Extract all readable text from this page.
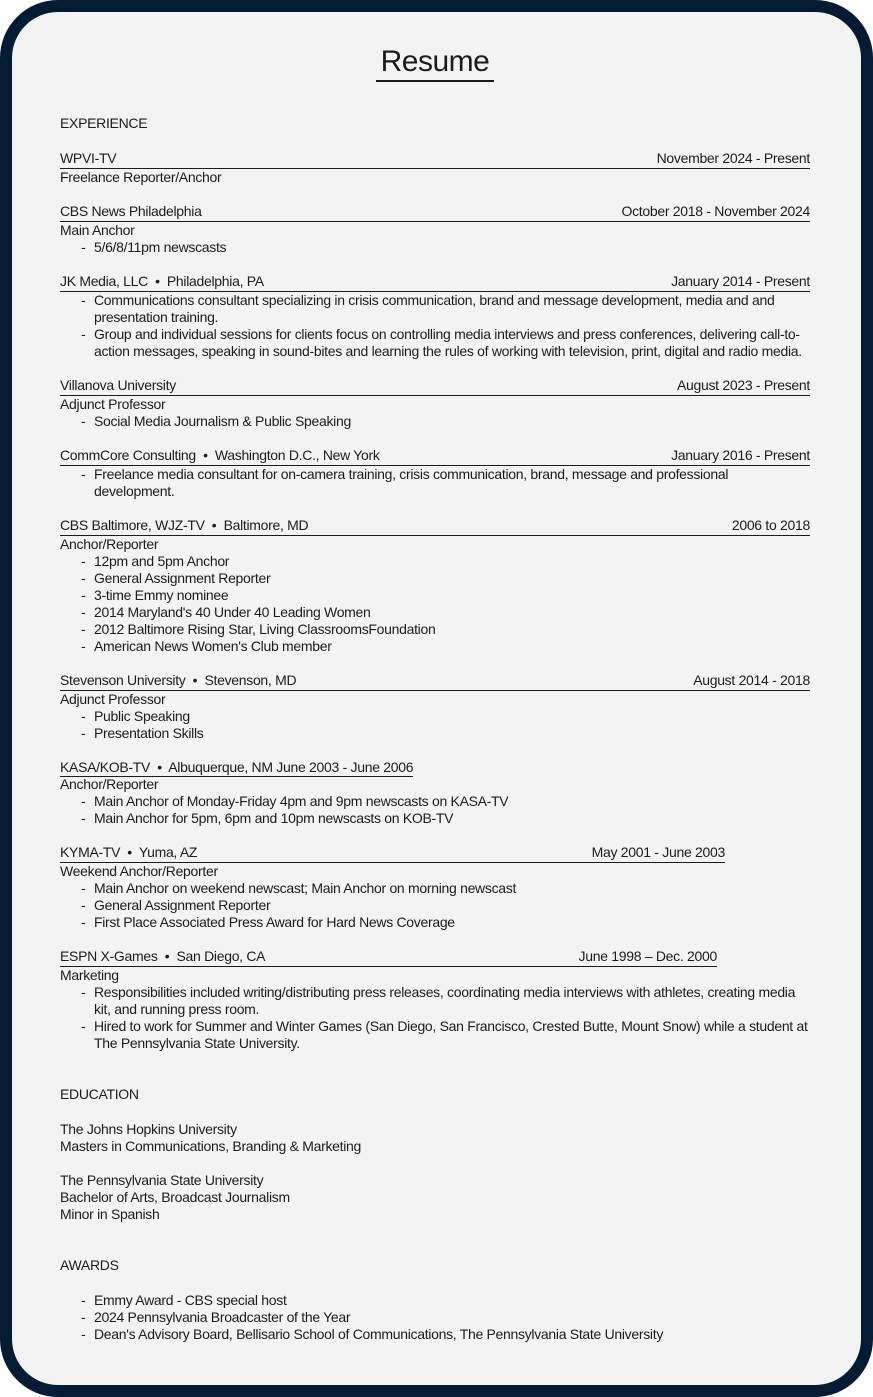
Resume
EXPERIENCE
WPVI-TV	November 2024 - Present
Freelance Reporter/Anchor
CBS News Philadelphia	October 2018 - November 2024
Main Anchor
- 5/6/8/11pm newscasts
JK Media, LLC  •  Philadelphia, PA	January 2014 - Present
- Communications consultant specializing in crisis communication, brand and message development, media and and presentation training.
- Group and individual sessions for clients focus on controlling media interviews and press conferences, delivering call-to-action messages, speaking in sound-bites and learning the rules of working with television, print, digital and radio media.
Villanova University	August 2023 - Present
Adjunct Professor
- Social Media Journalism & Public Speaking
CommCore Consulting  •  Washington D.C., New York	January 2016 - Present
- Freelance media consultant for on-camera training, crisis communication, brand, message and professional development.
CBS Baltimore, WJZ-TV  •  Baltimore, MD	2006 to 2018
Anchor/Reporter
- 12pm and 5pm Anchor
- General Assignment Reporter
- 3-time Emmy nominee
- 2014 Maryland's 40 Under 40 Leading Women
- 2012 Baltimore Rising Star, Living ClassroomsFoundation
- American News Women's Club member
Stevenson University  •  Stevenson, MD	August 2014 - 2018
Adjunct Professor
- Public Speaking
- Presentation Skills
KASA/KOB-TV  •  Albuquerque, NM June 2003 - June 2006
Anchor/Reporter
- Main Anchor of Monday-Friday 4pm and 9pm newscasts on KASA-TV
- Main Anchor for 5pm, 6pm and 10pm newscasts on KOB-TV
KYMA-TV  •  Yuma, AZ	May 2001 - June 2003
Weekend Anchor/Reporter
- Main Anchor on weekend newscast; Main Anchor on morning newscast
- General Assignment Reporter
- First Place Associated Press Award for Hard News Coverage
ESPN X-Games  •  San Diego, CA	June 1998 – Dec. 2000
Marketing
- Responsibilities included writing/distributing press releases, coordinating media interviews with athletes, creating media kit, and running press room.
- Hired to work for Summer and Winter Games (San Diego, San Francisco, Crested Butte, Mount Snow) while a student at The Pennsylvania State University.
EDUCATION
The Johns Hopkins University
Masters in Communications, Branding & Marketing
The Pennsylvania State University
Bachelor of Arts, Broadcast Journalism
Minor in Spanish
AWARDS
- Emmy Award - CBS special host
- 2024 Pennsylvania Broadcaster of the Year
- Dean's Advisory Board, Bellisario School of Communications, The Pennsylvania State University
